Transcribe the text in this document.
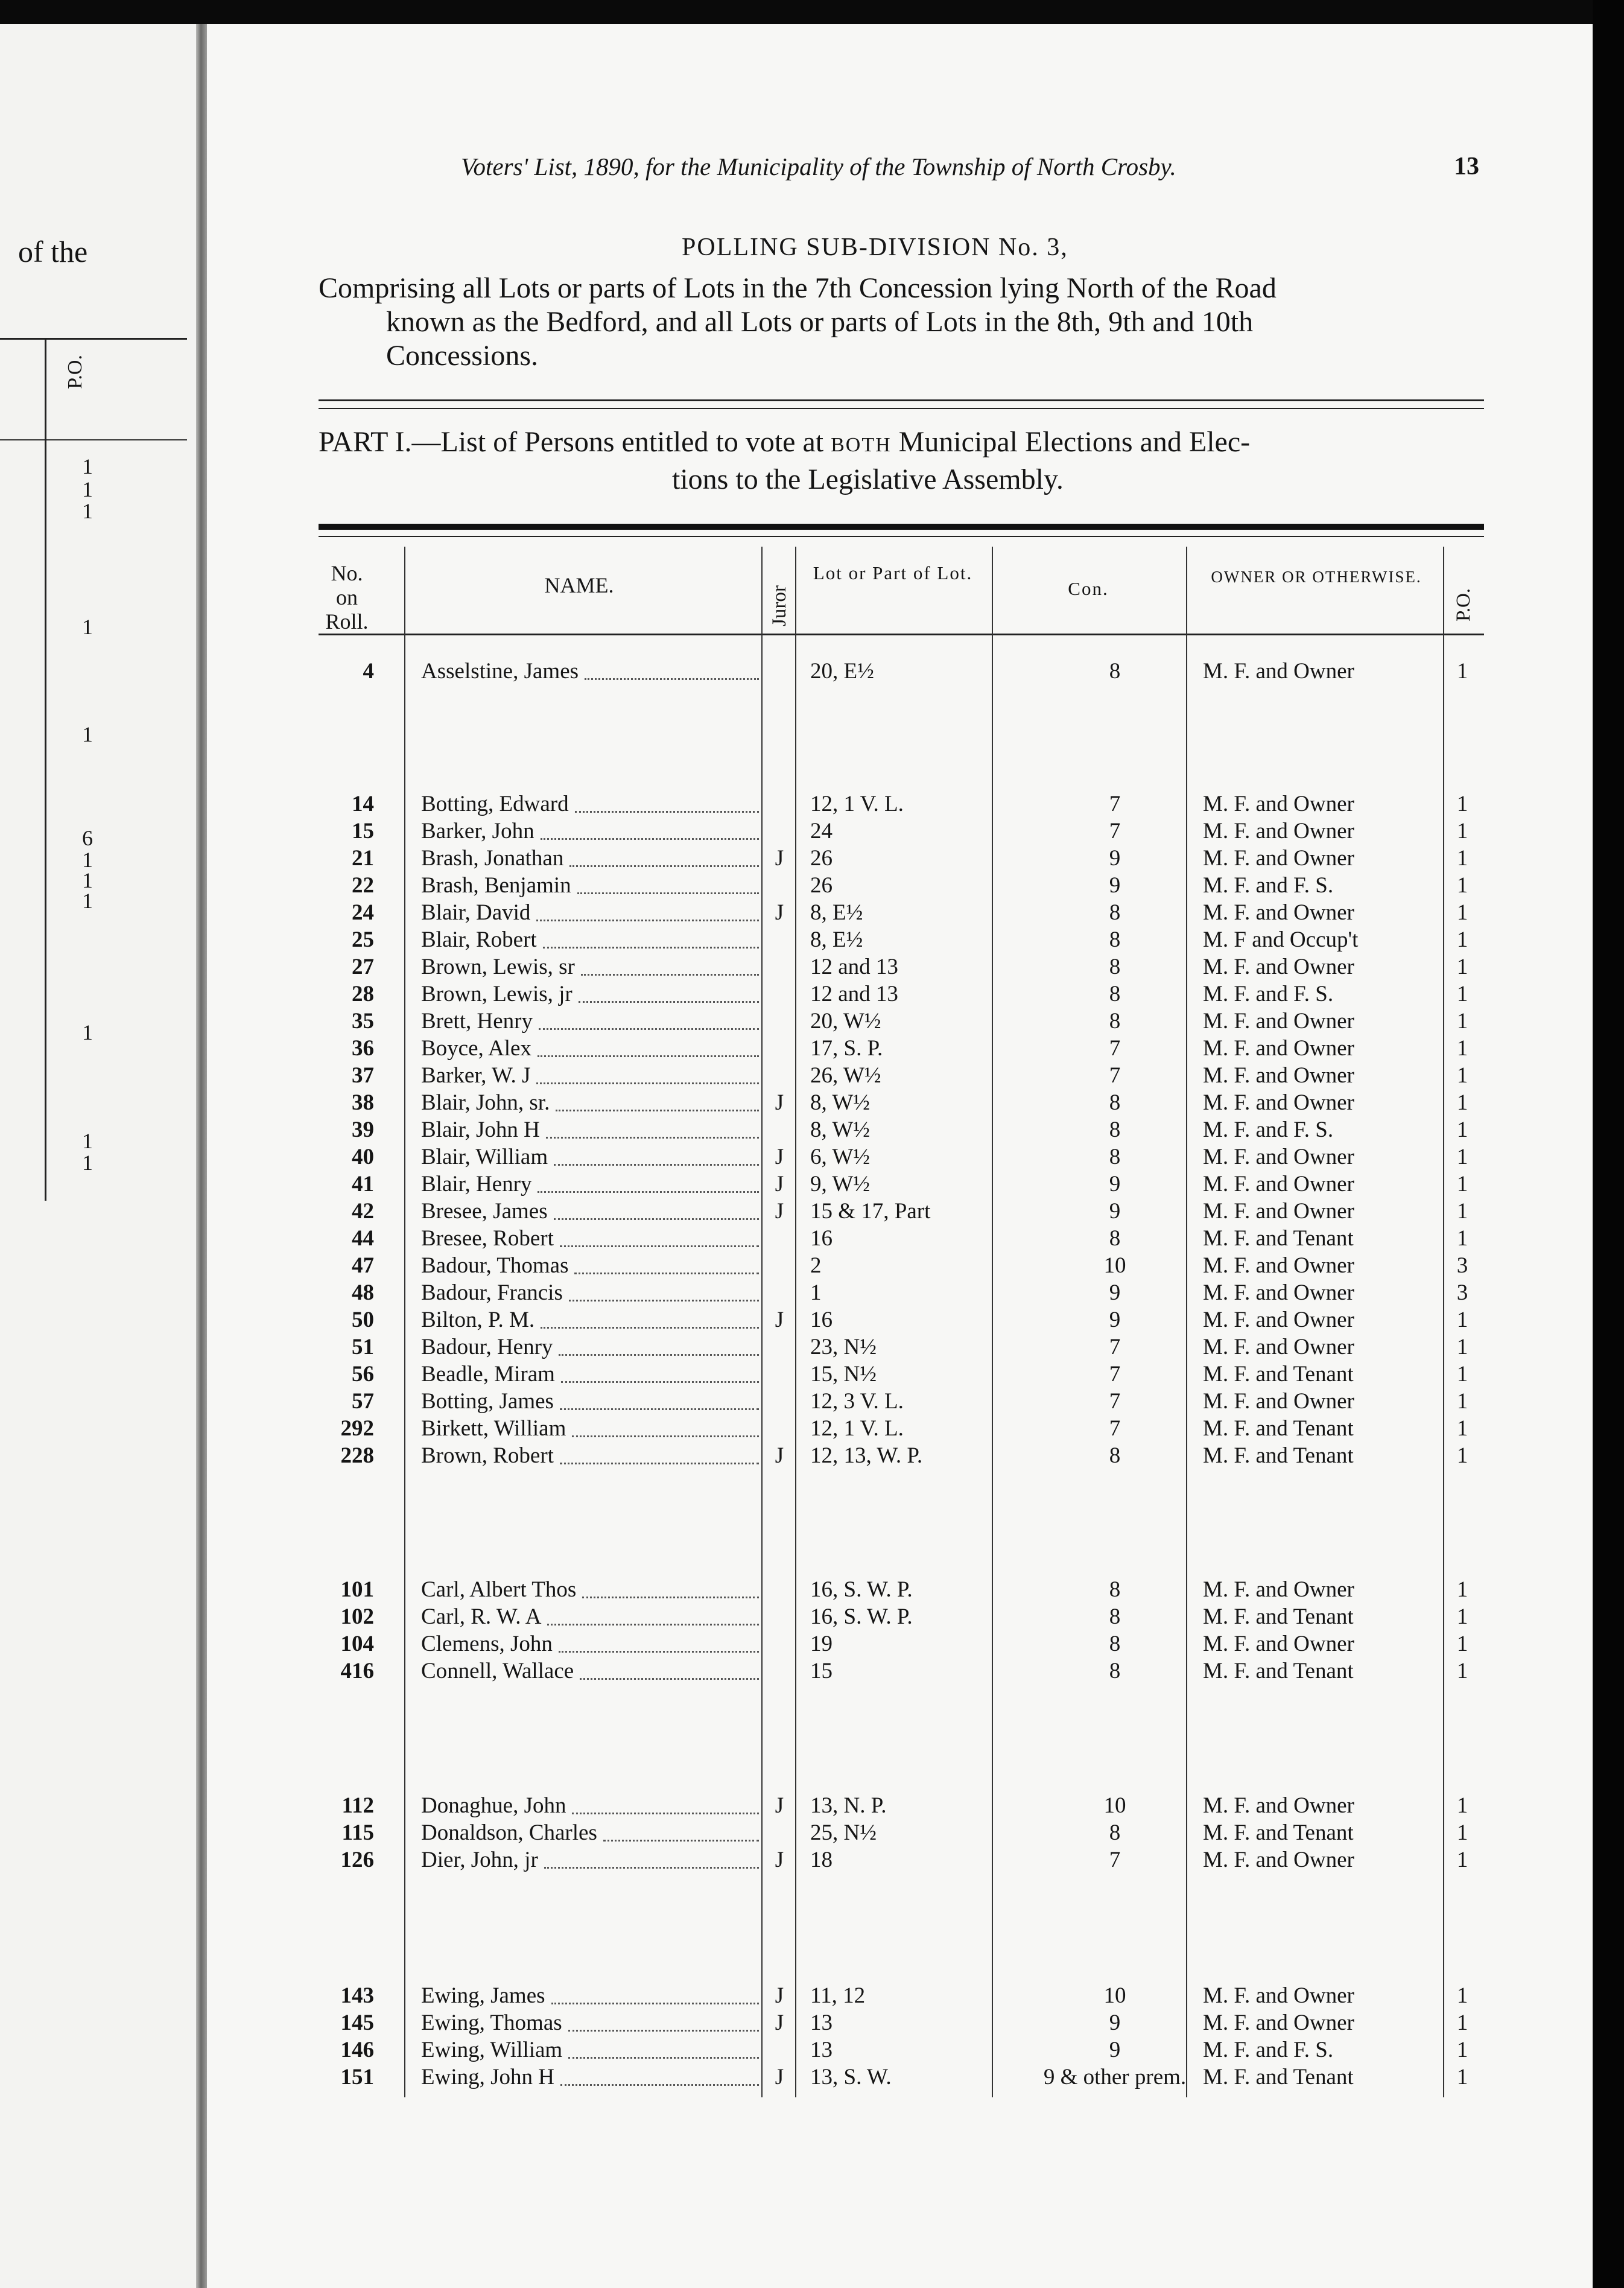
of the
P.O.
1
1
1
1
1
6
1
1
1
1
1
1
Voters' List, 1890, for the Municipality of the Township of North Crosby.	13
POLLING SUB-DIVISION No. 3,
Comprising all Lots or parts of Lots in the 7th Concession lying North of the Road
known as the Bedford, and all Lots or parts of Lots in the 8th, 9th and 10th
Concessions.
PART I.—List of Persons entitled to vote at both Municipal Elections and Elec-
tions to the Legislative Assembly.
No. on Roll.
NAME.
Juror
Lot or Part of Lot.
Con.
OWNER OR OTHERWISE.
P.O.
4 Asselstine, James	20, E½	8	M. F. and Owner	1
14 Botting, Edward	12, 1 V. L.	7	M. F. and Owner	1
15 Barker, John	24	7	M. F. and Owner	1
21 Brash, Jonathan	J	26	9	M. F. and Owner	1
22 Brash, Benjamin	26	9	M. F. and F. S.	1
24 Blair, David	J	8, E½	8	M. F. and Owner	1
25 Blair, Robert	8, E½	8	M. F and Occup't	1
27 Brown, Lewis, sr	12 and 13	8	M. F. and Owner	1
28 Brown, Lewis, jr	12 and 13	8	M. F. and F. S.	1
35 Brett, Henry	20, W½	8	M. F. and Owner	1
36 Boyce, Alex	17, S. P.	7	M. F. and Owner	1
37 Barker, W. J	26, W½	7	M. F. and Owner	1
38 Blair, John, sr.	J	8, W½	8	M. F. and Owner	1
39 Blair, John H	8, W½	8	M. F. and F. S.	1
40 Blair, William	J	6, W½	8	M. F. and Owner	1
41 Blair, Henry	J	9, W½	9	M. F. and Owner	1
42 Bresee, James	J	15 & 17, Part	9	M. F. and Owner	1
44 Bresee, Robert	16	8	M. F. and Tenant	1
47 Badour, Thomas	2	10	M. F. and Owner	3
48 Badour, Francis	1	9	M. F. and Owner	3
50 Bilton, P. M.	J	16	9	M. F. and Owner	1
51 Badour, Henry	23, N½	7	M. F. and Owner	1
56 Beadle, Miram	15, N½	7	M. F. and Tenant	1
57 Botting, James	12, 3 V. L.	7	M. F. and Owner	1
292 Birkett, William	12, 1 V. L.	7	M. F. and Tenant	1
228 Brown, Robert	J	12, 13, W. P.	8	M. F. and Tenant	1
101 Carl, Albert Thos	16, S. W. P.	8	M. F. and Owner	1
102 Carl, R. W. A	16, S. W. P.	8	M. F. and Tenant	1
104 Clemens, John	19	8	M. F. and Owner	1
416 Connell, Wallace	15	8	M. F. and Tenant	1
112 Donaghue, John	J	13, N. P.	10	M. F. and Owner	1
115 Donaldson, Charles	25, N½	8	M. F. and Tenant	1
126 Dier, John, jr	J	18	7	M. F. and Owner	1
143 Ewing, James	J	11, 12	10	M. F. and Owner	1
145 Ewing, Thomas	J	13	9	M. F. and Owner	1
146 Ewing, William	13	9	M. F. and F. S.	1
151 Ewing, John H	J	13, S. W.	9 & other prem. M. F. and Tenant	1
